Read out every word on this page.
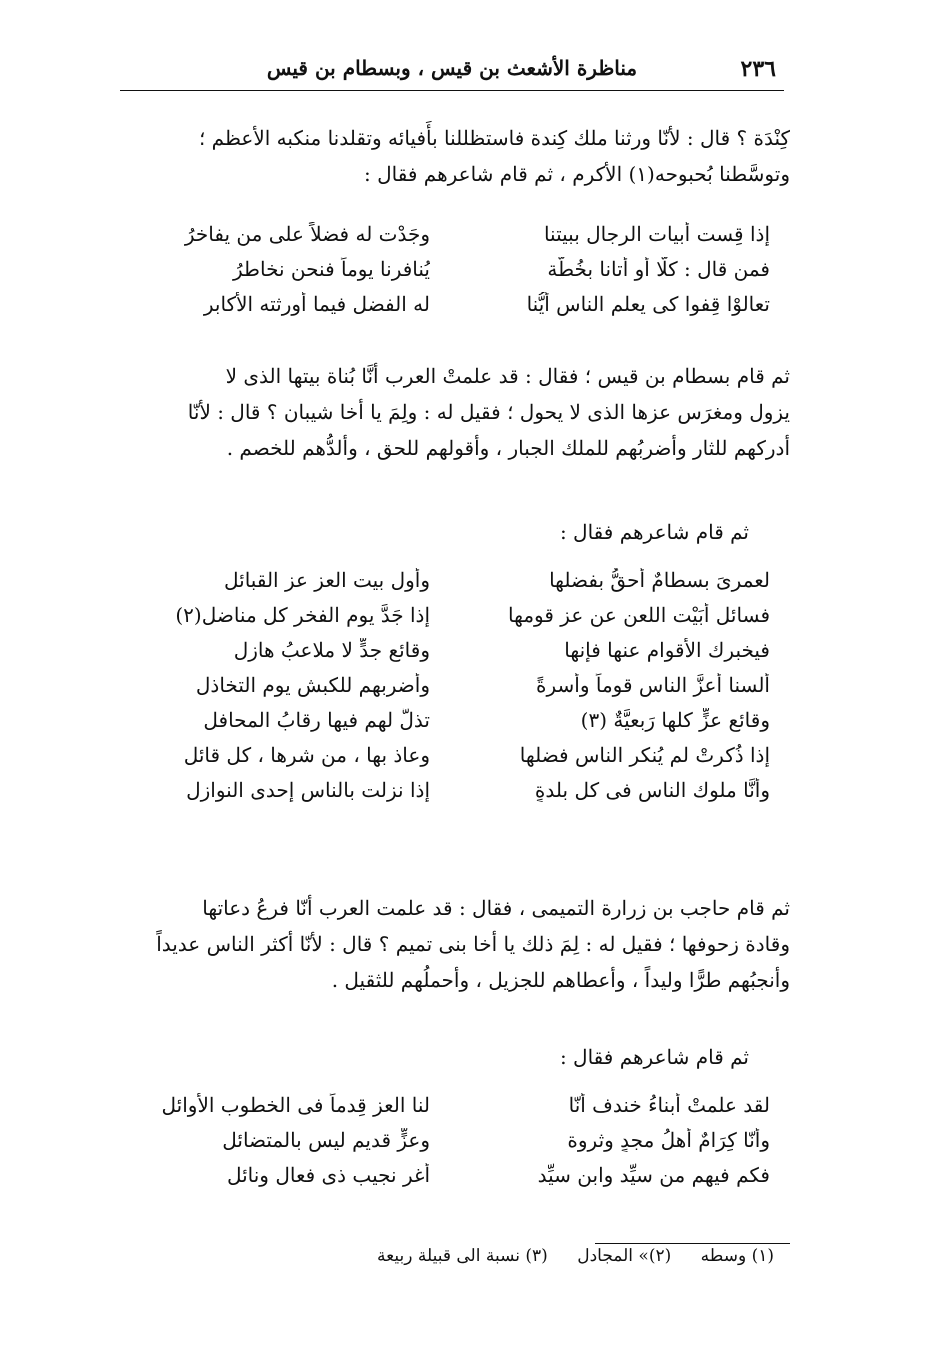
٢٣٦
مناظرة الأشعث بن قيس ، وبسطام بن قيس
كِنْدَة ؟ قال : لأنّا ورثنا ملك كِندة فاستظللنا بأَفيائه وتقلدنا منكبه الأعظم ؛
وتوسَّطنا بُحبوحه(١) الأكرم ، ثم قام شاعرهم فقال :
إذا قِست أبيات الرجال ببيتنا
وجَدْت له فضلاً على من يفاخرُ
فمن قال : كلَّا أو أتانا بخُطَّة
يُنافرنا يوماً فنحن نخاطرُ
تعالوْا قِفوا كى يعلم الناس أيُّنا
له الفضل فيما أورثته الأكابر
ثم قام بسطام بن قيس ؛ فقال : قد علمتْ العرب أنَّا بُناة بيتها الذى لا
يزول ومغرَس عزها الذى لا يحول ؛ فقيل له : ولِمَ يا أخا شيبان ؟ قال : لأنّا
أدركهم للثار وأضربُهم للملك الجبار ، وأقولهم للحق ، وألدُّهم للخصم .
ثم قام شاعرهم فقال :
لعمرىَ بسطامٌ أحقُّ بفضلها
وأول بيت العز عز القبائلِ
فسائل أبَيْت اللعن عن عز قومها
إذا جَدَّ يوم الفخر كل مناضل(٢)
فيخبرك الأقوام عنها فإنها
وقائع جدٍّ لا ملاعبُ هازل
ألسنا أعزَّ الناس قوماً وأسرةً
وأضربهم للكبش يوم التخاذل
وقائع عزٍّ كلها رَبعيَّةٌ (٣)
تذلُّ لهم فيها رقابُ المحافل
إذا ذُكرتْ لم يُنكر الناس فضلها
وعاذ بها ، من شرها ، كل قائل
وأنَّا ملوك الناس فى كل بلدةٍ
إذا نزلت بالناس إحدى النوازل
ثم قام حاجب بن زرارة التميمى ، فقال : قد علمت العرب أنّا فرعُ دعاتها
وقادة زحوفها ؛ فقيل له : لِمَ ذلك يا أخا بنى تميم ؟ قال : لأنّا أكثر الناس عديداً
وأنجبُهم طرًّا وليداً ، وأعطاهم للجزيل ، وأحملُهم للثقيل .
ثم قام شاعرهم فقال :
لقد علمتْ أبناءُ خندف أنّا
لنا العز قِدماً فى الخطوب الأوائل
وأنّا كِرَامٌ أهلُ مجدٍ وثروة
وعزٍّ قديم ليس بالمتضائل
فكم فيهم من سيِّد وابن سيِّد
أغر نجيب ذى فعال ونائل
(١) وسطه (٢)» المجادل (٣) نسبة الى قبيلة ربيعة
